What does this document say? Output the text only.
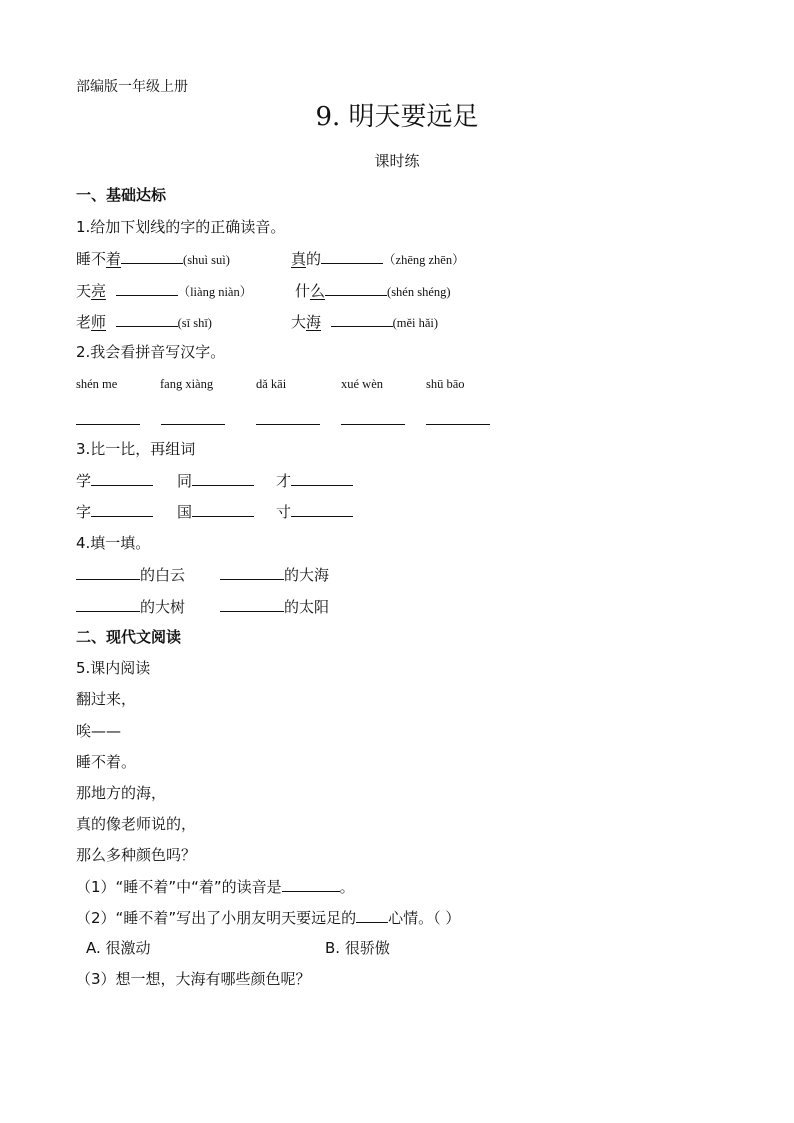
部编版一年级上册
9. 明天要远足
课时练
一、基础达标
1.给加下划线的字的正确读音。
睡不着	(shuì suì)	真的	（zhēng zhēn）
天亮	（liàng niàn）	什么	(shén shéng)
老师	(sī shī)	大海	(měi hǎi)
2.我会看拼音写汉字。
shén me	fang xiàng	dǎ kāi	xué wèn	shū bāo
3.比一比，再组词
学	同	才
字	国	寸
4.填一填。
的白云	的大海
的大树	的太阳
二、现代文阅读
5.课内阅读
翻过来，
唉——
睡不着。
那地方的海，
真的像老师说的，
那么多种颜色吗？
（1）“睡不着”中“着”的读音是	。
（2）“睡不着”写出了小朋友明天要远足的 心情。（ ）
A. 很激动	B. 很骄傲
（3）想一想，大海有哪些颜色呢？
